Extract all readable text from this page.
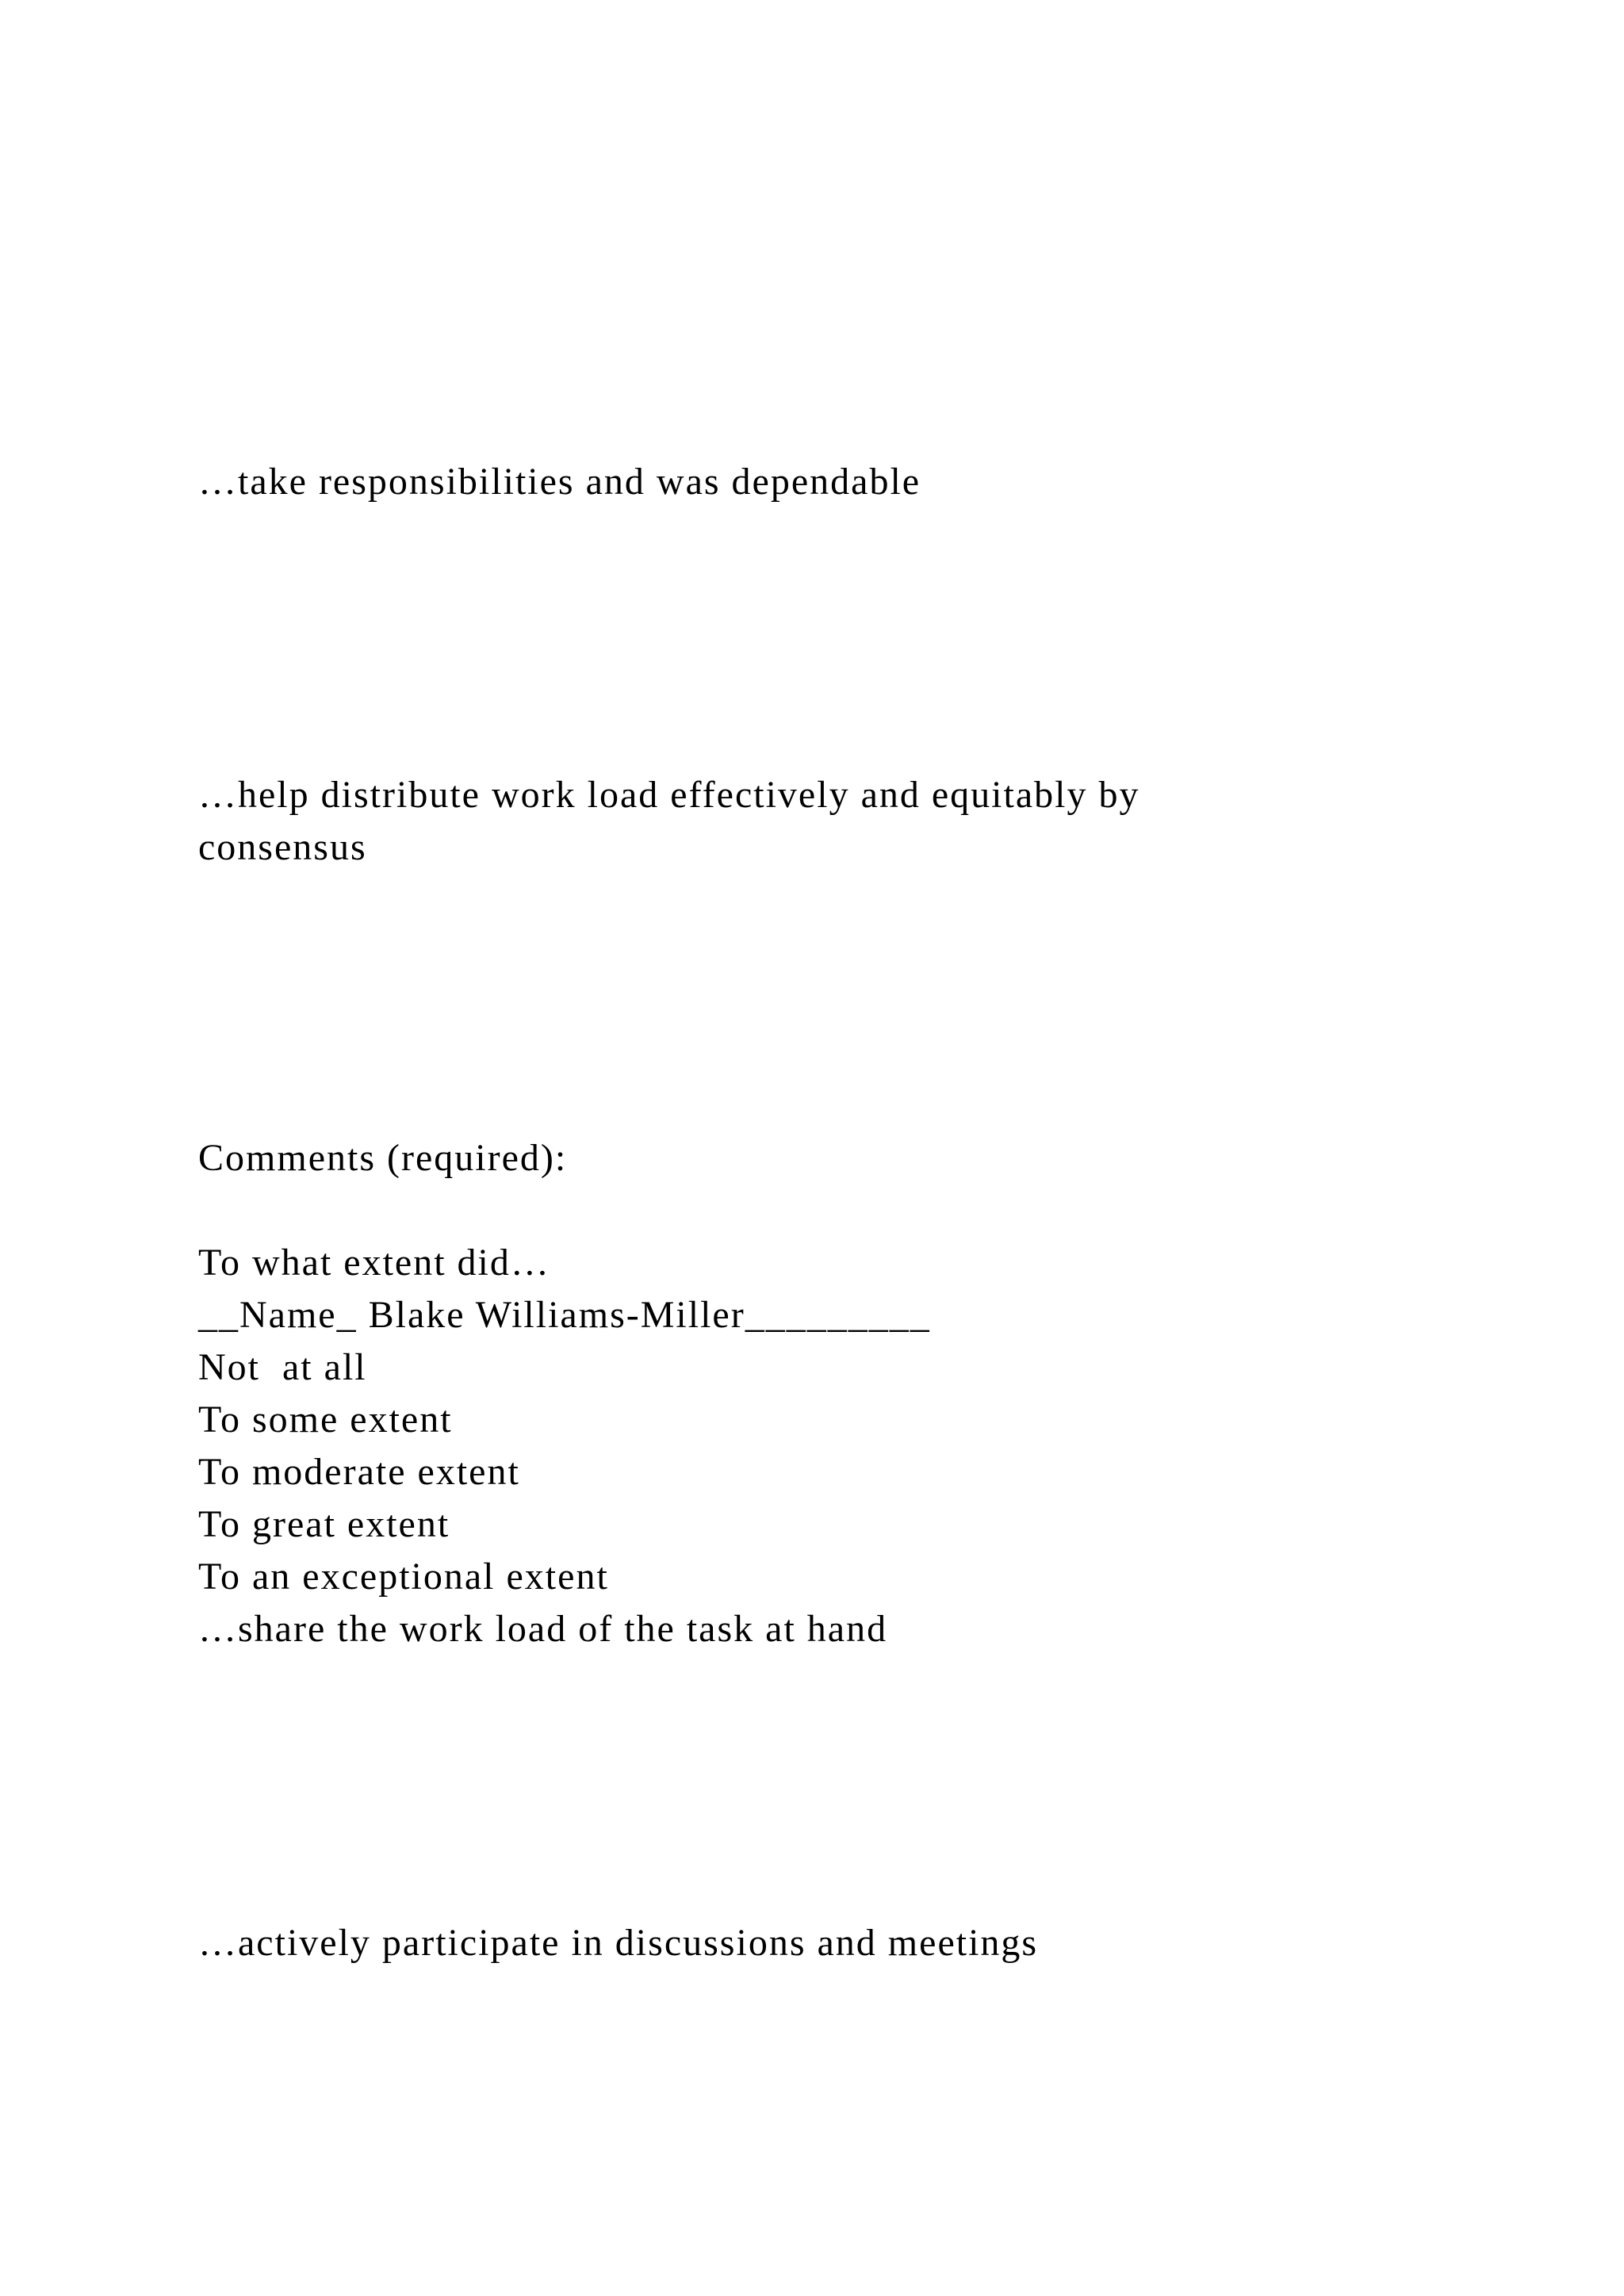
…take responsibilities and was dependable

…help distribute work load effectively and equitably by

consensus

Comments (required):

To what extent did…

__Name_ Blake Williams-Miller_________

Not  at all

To some extent

To moderate extent

To great extent

To an exceptional extent

…share the work load of the task at hand

…actively participate in discussions and meetings
